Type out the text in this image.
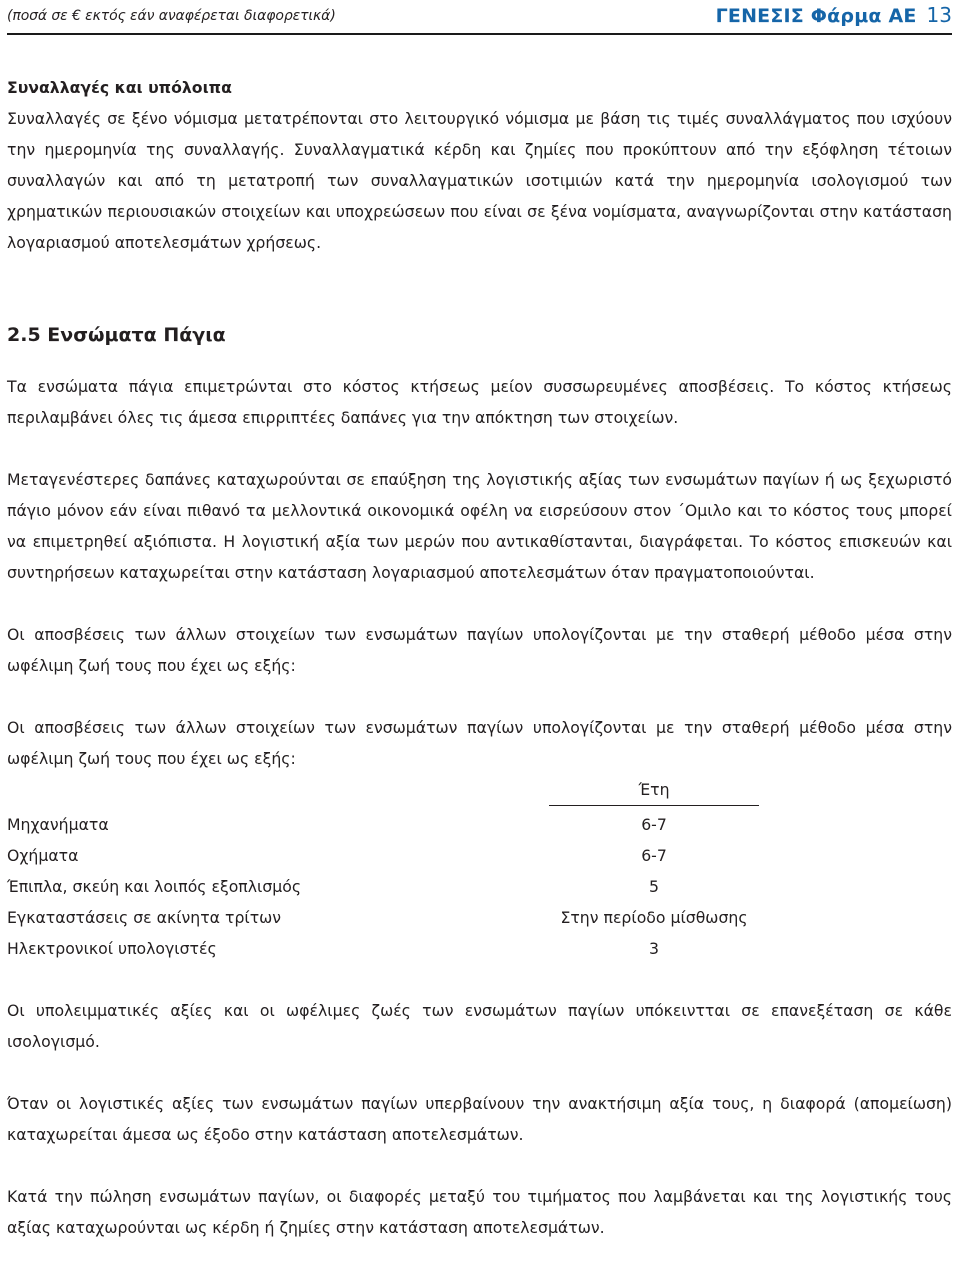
(ποσά σε € εκτός εάν αναφέρεται διαφορετικά)	ΓΕΝΕΣΙΣ Φάρμα ΑΕ 13

Συναλλαγές και υπόλοιπα

Συναλλαγές σε ξένο νόμισμα μετατρέπονται στο λειτουργικό νόμισμα με βάση τις τιμές συναλλάγματος που ισχύουν την ημερομηνία της συναλλαγής. Συναλλαγματικά κέρδη και ζημίες που προκύπτουν από την εξόφληση τέτοιων συναλλαγών και από τη μετατροπή των συναλλαγματικών ισοτιμιών κατά την ημερομηνία ισολογισμού των χρηματικών περιουσιακών στοιχείων και υποχρεώσεων που είναι σε ξένα νομίσματα, αναγνωρίζονται στην κατάσταση λογαριασμού αποτελεσμάτων χρήσεως.

2.5 Ενσώματα Πάγια

Τα ενσώματα πάγια επιμετρώνται στο κόστος κτήσεως μείον συσσωρευμένες αποσβέσεις. Το κόστος κτήσεως περιλαμβάνει όλες τις άμεσα επιρριπτέες δαπάνες για την απόκτηση των στοιχείων.

Μεταγενέστερες δαπάνες καταχωρούνται σε επαύξηση της λογιστικής αξίας των ενσωμάτων παγίων ή ως ξεχωριστό πάγιο μόνον εάν είναι πιθανό τα μελλοντικά οικονομικά οφέλη να εισρεύσουν στον ΄Ομιλο και το κόστος τους μπορεί να επιμετρηθεί αξιόπιστα. Η λογιστική αξία των μερών που αντικαθίστανται, διαγράφεται. Το κόστος επισκευών και συντηρήσεων καταχωρείται στην κατάσταση λογαριασμού αποτελεσμάτων όταν πραγματοποιούνται.

Οι αποσβέσεις των άλλων στοιχείων των ενσωμάτων παγίων υπολογίζονται με την σταθερή μέθοδο μέσα στην ωφέλιμη ζωή τους που έχει ως εξής:

Οι αποσβέσεις των άλλων στοιχείων των ενσωμάτων παγίων υπολογίζονται με την σταθερή μέθοδο μέσα στην ωφέλιμη ζωή τους που έχει ως εξής:

	Έτη

Μηχανήματα	6-7
Οχήματα	6-7
Έπιπλα, σκεύη και λοιπός εξοπλισμός	5
Εγκαταστάσεις σε ακίνητα τρίτων	Στην περίοδο μίσθωσης
Ηλεκτρονικοί υπολογιστές	3

Οι υπολειμματικές αξίες και οι ωφέλιμες ζωές των ενσωμάτων παγίων υπόκειντται σε επανεξέταση σε κάθε ισολογισμό.

Όταν οι λογιστικές αξίες των ενσωμάτων παγίων υπερβαίνουν την ανακτήσιμη αξία τους, η διαφορά (απομείωση) καταχωρείται άμεσα ως έξοδο στην κατάσταση αποτελεσμάτων.

Κατά την πώληση ενσωμάτων παγίων, οι διαφορές μεταξύ του τιμήματος που λαμβάνεται και της λογιστικής τους αξίας καταχωρούνται ως κέρδη ή ζημίες στην κατάσταση αποτελεσμάτων.
